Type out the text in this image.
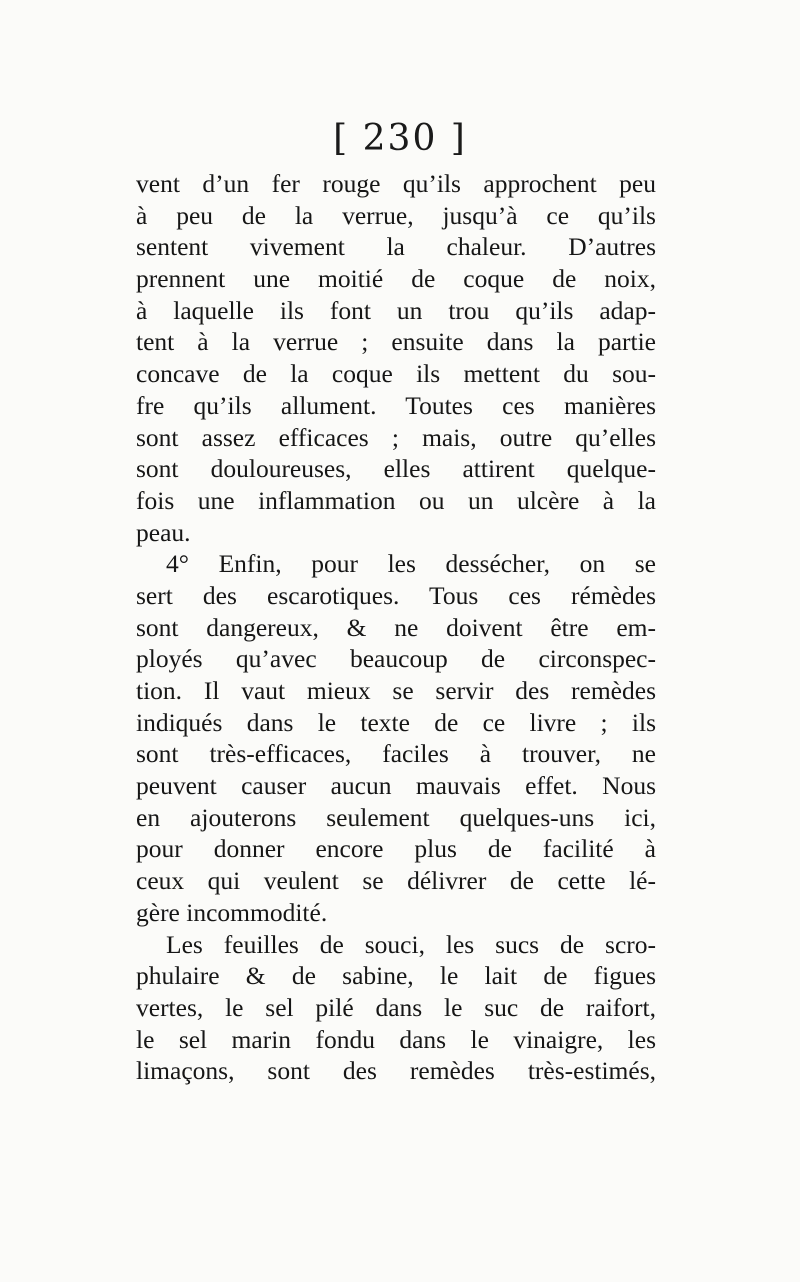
[ 230 ]
vent d’un fer rouge qu’ils approchent peu
à peu de la verrue, jusqu’à ce qu’ils
sentent vivement la chaleur. D’autres
prennent une moitié de coque de noix,
à laquelle ils font un trou qu’ils adap-
tent à la verrue ; ensuite dans la partie
concave de la coque ils mettent du sou-
fre qu’ils allument. Toutes ces manières
sont assez efficaces ; mais, outre qu’elles
sont douloureuses, elles attirent quelque-
fois une inflammation ou un ulcère à la
peau.
4° Enfin, pour les dessécher, on se
sert des escarotiques. Tous ces rémèdes
sont dangereux, & ne doivent être em-
ployés qu’avec beaucoup de circonspec-
tion. Il vaut mieux se servir des remèdes
indiqués dans le texte de ce livre ; ils
sont très-efficaces, faciles à trouver, ne
peuvent causer aucun mauvais effet. Nous
en ajouterons seulement quelques-uns ici,
pour donner encore plus de facilité à
ceux qui veulent se délivrer de cette lé-
gère incommodité.
Les feuilles de souci, les sucs de scro-
phulaire & de sabine, le lait de figues
vertes, le sel pilé dans le suc de raifort,
le sel marin fondu dans le vinaigre, les
limaçons, sont des remèdes très-estimés,
